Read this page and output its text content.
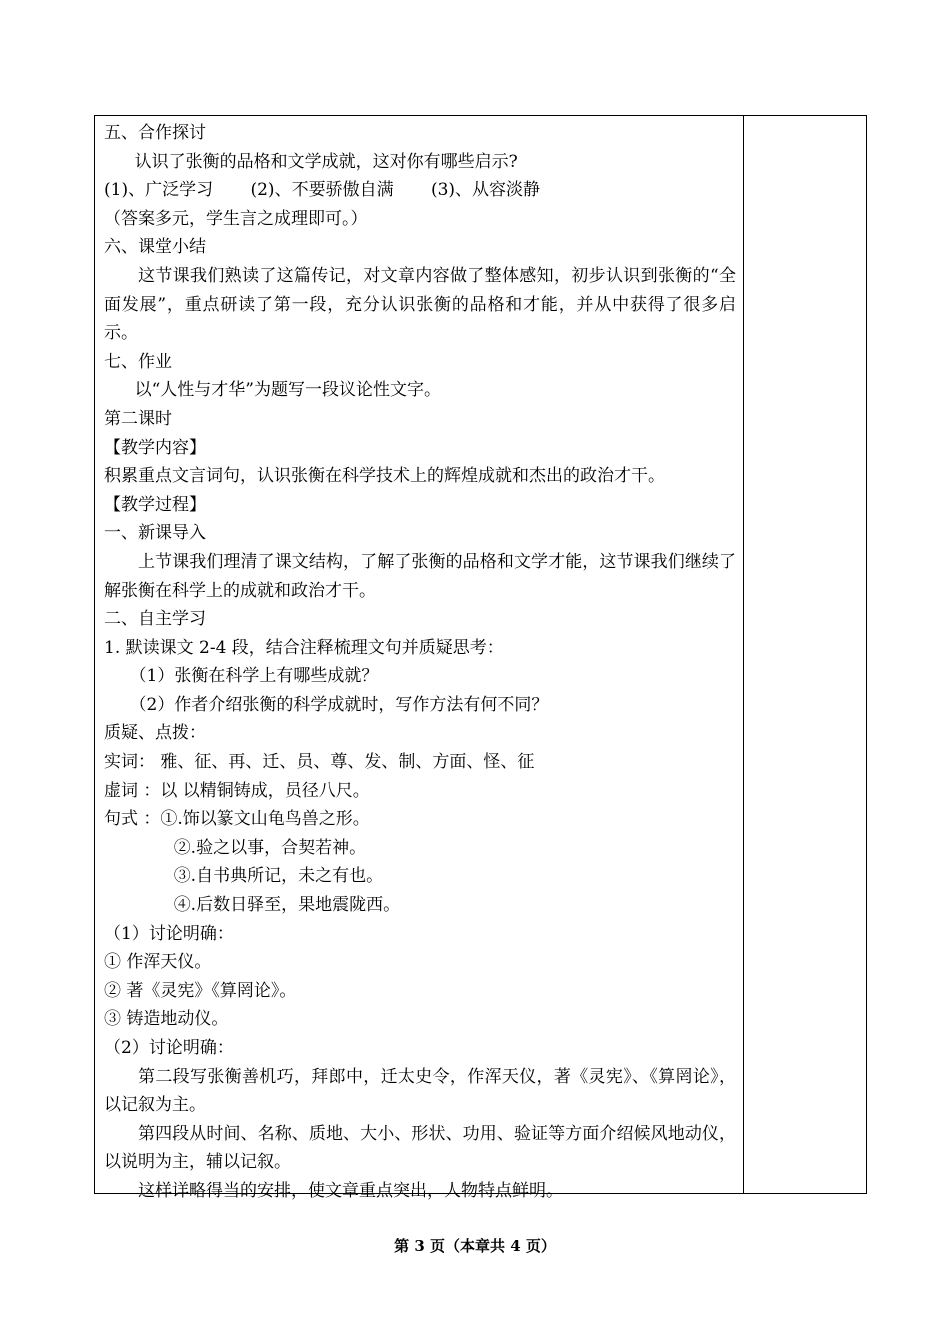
五、合作探讨
认识了张衡的品格和文学成就，这对你有哪些启示?
(1)、广泛学习 (2)、不要骄傲自满 (3)、从容淡静
（答案多元，学生言之成理即可。）
六、课堂小结
这节课我们熟读了这篇传记，对文章内容做了整体感知，初步认识到张衡的“全面发展”，重点研读了第一段，充分认识张衡的品格和才能，并从中获得了很多启示。
七、作业
以“人性与才华”为题写一段议论性文字。
第二课时
【教学内容】
积累重点文言词句，认识张衡在科学技术上的辉煌成就和杰出的政治才干。
【教学过程】
一、新课导入
上节课我们理清了课文结构，了解了张衡的品格和文学才能，这节课我们继续了解张衡在科学上的成就和政治才干。
二、自主学习
1. 默读课文 2-4 段，结合注释梳理文句并质疑思考：
（1）张衡在科学上有哪些成就？
（2）作者介绍张衡的科学成就时，写作方法有何不同？
质疑、点拨：
实词： 雅、征、再、迁、员、尊、发、制、方面、怪、征
虚词 ：以 以精铜铸成，员径八尺。
句式 ：①.饰以篆文山龟鸟兽之形。
②.验之以事，合契若神。
③.自书典所记，未之有也。
④.后数日驿至，果地震陇西。
（1）讨论明确：
① 作浑天仪。
② 著《灵宪》《算罔论》。
③ 铸造地动仪。
（2）讨论明确：
第二段写张衡善机巧，拜郎中，迁太史令，作浑天仪，著《灵宪》、《算罔论》，以记叙为主。
第四段从时间、名称、质地、大小、形状、功用、验证等方面介绍候风地动仪，以说明为主，辅以记叙。
这样详略得当的安排，使文章重点突出，人物特点鲜明。
第 3 页（本章共 4 页）
